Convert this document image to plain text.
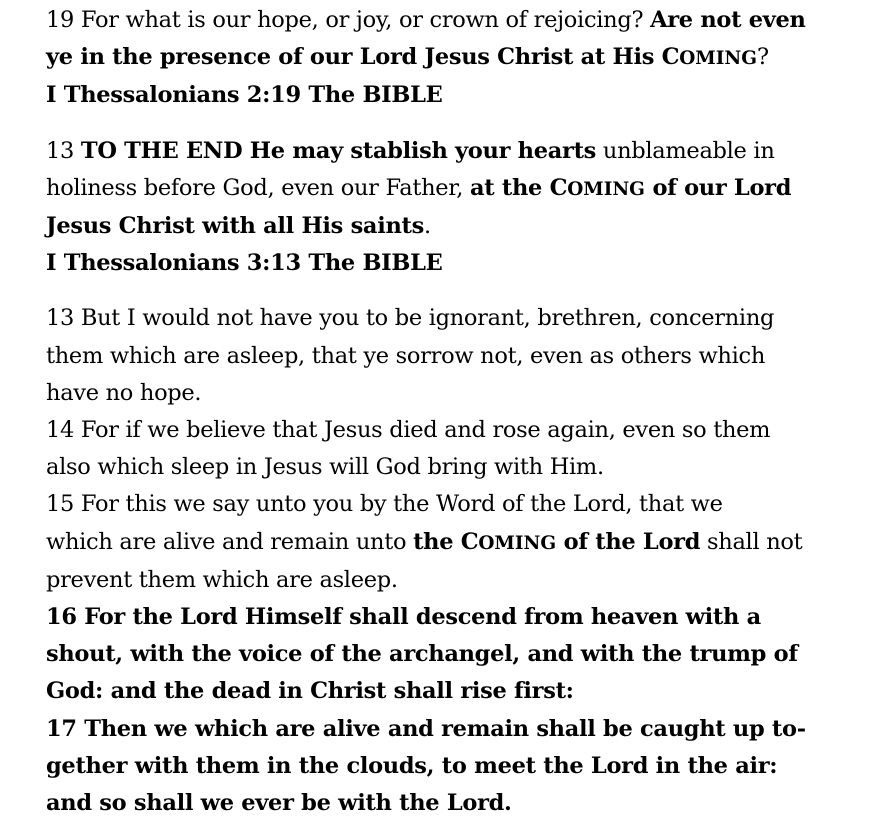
19 For what is our hope, or joy, or crown of rejoicing? Are not even
ye in the presence of our Lord Jesus Christ at His COMING?
I Thessalonians 2:19 The BIBLE
13 TO THE END He may stablish your hearts unblameable in
holiness before God, even our Father, at the COMING of our Lord
Jesus Christ with all His saints.
I Thessalonians 3:13 The BIBLE
13 But I would not have you to be ignorant, brethren, concerning
them which are asleep, that ye sorrow not, even as others which
have no hope.
14 For if we believe that Jesus died and rose again, even so them
also which sleep in Jesus will God bring with Him.
15 For this we say unto you by the Word of the Lord, that we
which are alive and remain unto the COMING of the Lord shall not
prevent them which are asleep.
16 For the Lord Himself shall descend from heaven with a
shout, with the voice of the archangel, and with the trump of
God: and the dead in Christ shall rise first:
17 Then we which are alive and remain shall be caught up to-
gether with them in the clouds, to meet the Lord in the air:
and so shall we ever be with the Lord.
